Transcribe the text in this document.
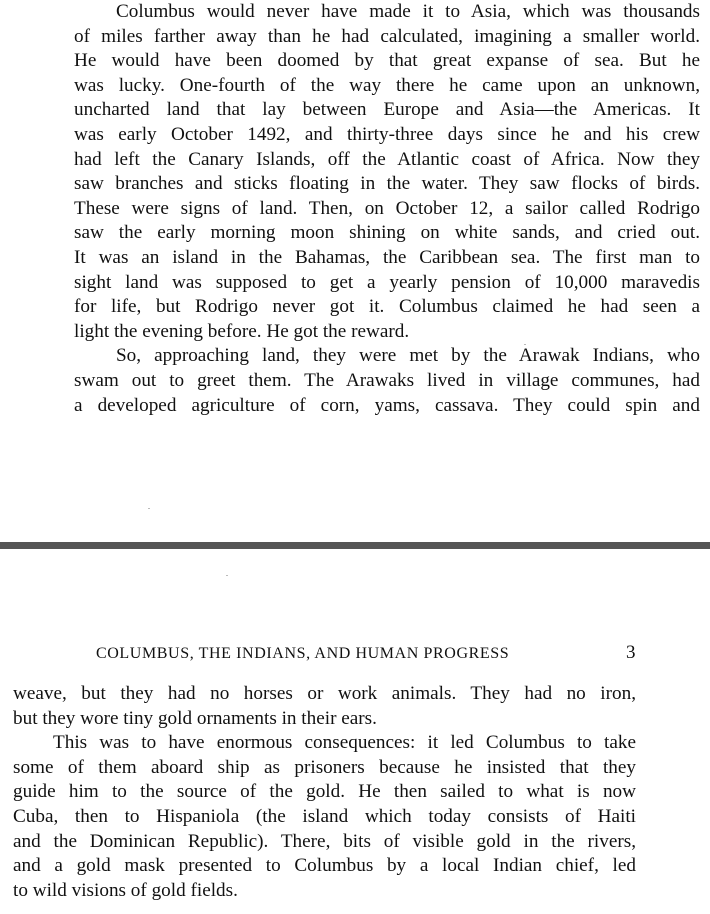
Columbus would never have made it to Asia, which was thousands
of miles farther away than he had calculated, imagining a smaller world.
He would have been doomed by that great expanse of sea. But he
was lucky. One-fourth of the way there he came upon an unknown,
uncharted land that lay between Europe and Asia—the Americas. It
was early October 1492, and thirty-three days since he and his crew
had left the Canary Islands, off the Atlantic coast of Africa. Now they
saw branches and sticks floating in the water. They saw flocks of birds.
These were signs of land. Then, on October 12, a sailor called Rodrigo
saw the early morning moon shining on white sands, and cried out.
It was an island in the Bahamas, the Caribbean sea. The first man to
sight land was supposed to get a yearly pension of 10,000 maravedis
for life, but Rodrigo never got it. Columbus claimed he had seen a
light the evening before. He got the reward.

So, approaching land, they were met by the Arawak Indians, who
swam out to greet them. The Arawaks lived in village communes, had
a developed agriculture of corn, yams, cassava. They could spin and

COLUMBUS, THE INDIANS, AND HUMAN PROGRESS	3

weave, but they had no horses or work animals. They had no iron,
but they wore tiny gold ornaments in their ears.

This was to have enormous consequences: it led Columbus to take
some of them aboard ship as prisoners because he insisted that they
guide him to the source of the gold. He then sailed to what is now
Cuba, then to Hispaniola (the island which today consists of Haiti
and the Dominican Republic). There, bits of visible gold in the rivers,
and a gold mask presented to Columbus by a local Indian chief, led
to wild visions of gold fields.
